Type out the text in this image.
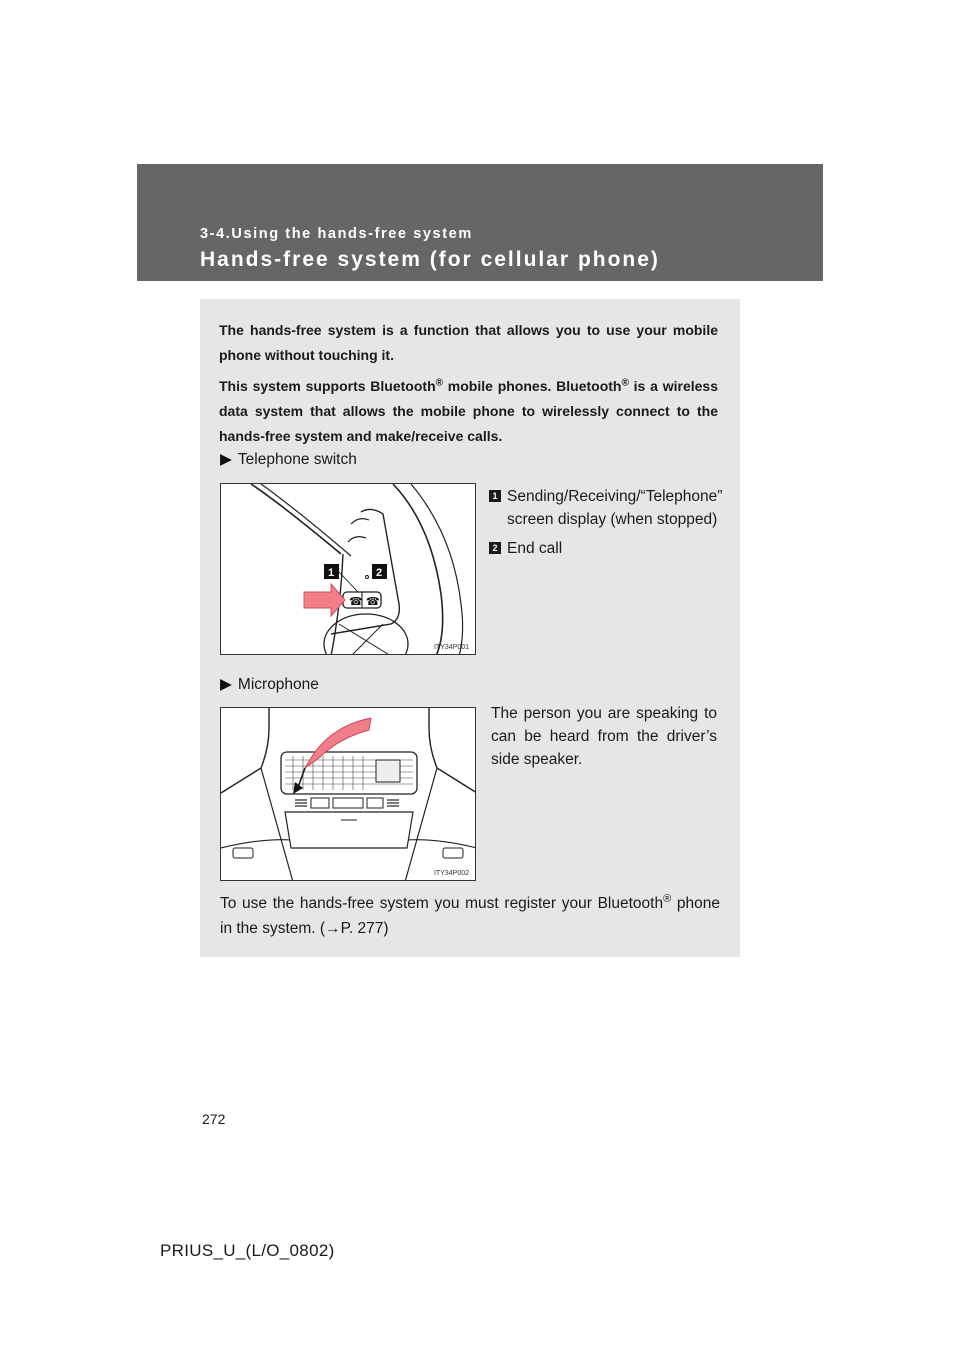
3-4.Using the hands-free system
Hands-free system (for cellular phone)

The hands-free system is a function that allows you to use your mobile phone without touching it.

This system supports Bluetooth® mobile phones. Bluetooth® is a wireless data system that allows the mobile phone to wirelessly connect to the hands-free system and make/receive calls.

▶ Telephone switch
☎ ☎
1	2
ITY34P001
1 Sending/Receiving/“Telephone” screen display (when stopped)
2 End call
▶ Microphone
ITY34P002
The person you are speaking to can be heard from the driver’s side speaker.
To use the hands-free system you must register your Bluetooth® phone in the system. (→P. 277)
272
PRIUS_U_(L/O_0802)
